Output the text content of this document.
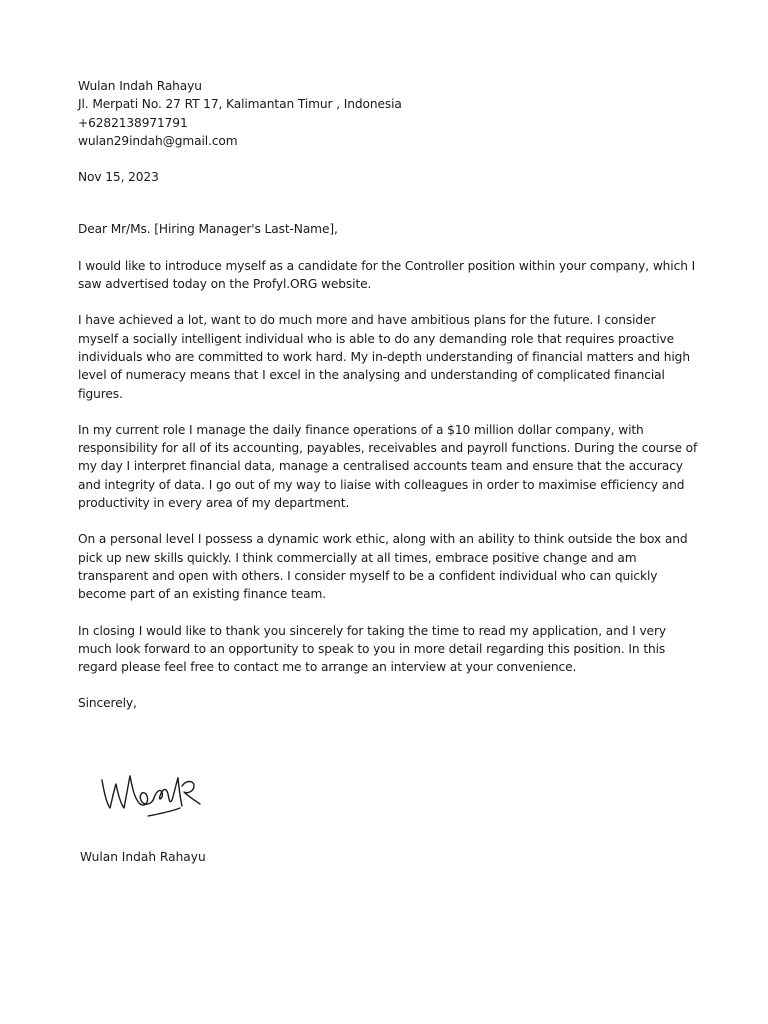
Wulan Indah Rahayu
Jl. Merpati No. 27 RT 17, Kalimantan Timur , Indonesia
+6282138971791
wulan29indah@gmail.com
Nov 15, 2023
Dear Mr/Ms. [Hiring Manager's Last-Name],

I would like to introduce myself as a candidate for the Controller position within your company, which I saw advertised today on the Profyl.ORG website.

I have achieved a lot, want to do much more and have ambitious plans for the future. I consider myself a socially intelligent individual who is able to do any demanding role that requires proactive individuals who are committed to work hard. My in-depth understanding of financial matters and high level of numeracy means that I excel in the analysing and understanding of complicated financial figures.

In my current role I manage the daily finance operations of a $10 million dollar company, with responsibility for all of its accounting, payables, receivables and payroll functions. During the course of my day I interpret financial data, manage a centralised accounts team and ensure that the accuracy and integrity of data. I go out of my way to liaise with colleagues in order to maximise efficiency and productivity in every area of my department.

On a personal level I possess a dynamic work ethic, along with an ability to think outside the box and pick up new skills quickly. I think commercially at all times, embrace positive change and am transparent and open with others. I consider myself to be a confident individual who can quickly become part of an existing finance team.

In closing I would like to thank you sincerely for taking the time to read my application, and I very much look forward to an opportunity to speak to you in more detail regarding this position. In this regard please feel free to contact me to arrange an interview at your convenience.

Sincerely,
Wulan Indah Rahayu
